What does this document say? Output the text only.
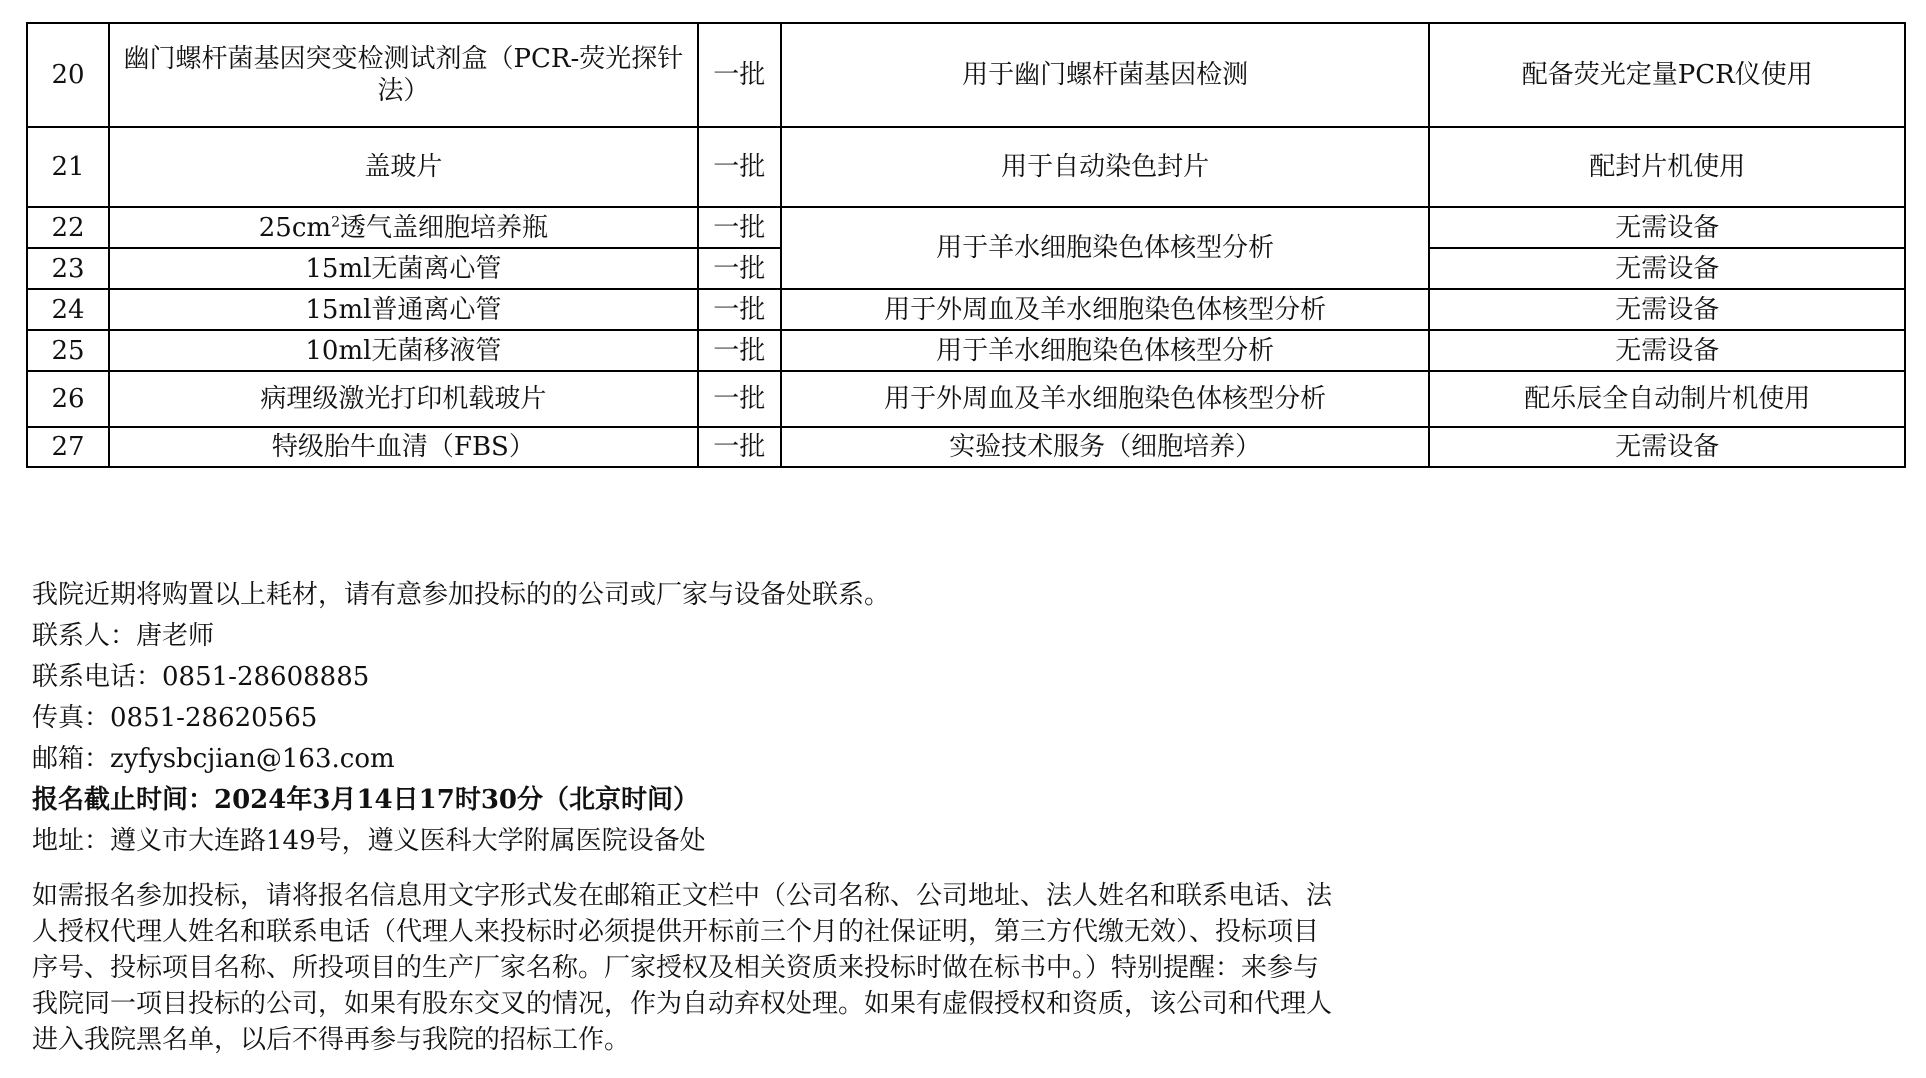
20	幽门螺杆菌基因突变检测试剂盒（PCR-荧光探针法）	一批	用于幽门螺杆菌基因检测	配备荧光定量PCR仪使用
21	盖玻片	一批	用于自动染色封片	配封片机使用
22	$25cm^2$透气盖细胞培养瓶	一批	用于羊水细胞染色体核型分析	无需设备
23	15ml无菌离心管	一批		无需设备
24	15ml普通离心管	一批	用于外周血及羊水细胞染色体核型分析	无需设备
25	10ml无菌移液管	一批	用于羊水细胞染色体核型分析	无需设备
26	病理级激光打印机载玻片	一批	用于外周血及羊水细胞染色体核型分析	配乐辰全自动制片机使用
27	特级胎牛血清（FBS）	一批	实验技术服务（细胞培养）	无需设备
我院近期将购置以上耗材，请有意参加投标的的公司或厂家与设备处联系。
联系人：唐老师
联系电话：0851-28608885
传真：0851-28620565
邮箱：zyfysbcjian@163.com
报名截止时间：2024年3月14日17时30分（北京时间）
地址：遵义市大连路149号，遵义医科大学附属医院设备处
如需报名参加投标，请将报名信息用文字形式发在邮箱正文栏中（公司名称、公司地址、法人姓名和联系电话、法
人授权代理人姓名和联系电话（代理人来投标时必须提供开标前三个月的社保证明，第三方代缴无效）、投标项目
序号、投标项目名称、所投项目的生产厂家名称。厂家授权及相关资质来投标时做在标书中。）特别提醒：来参与
我院同一项目投标的公司，如果有股东交叉的情况，作为自动弃权处理。如果有虚假授权和资质，该公司和代理人
进入我院黑名单，以后不得再参与我院的招标工作。
